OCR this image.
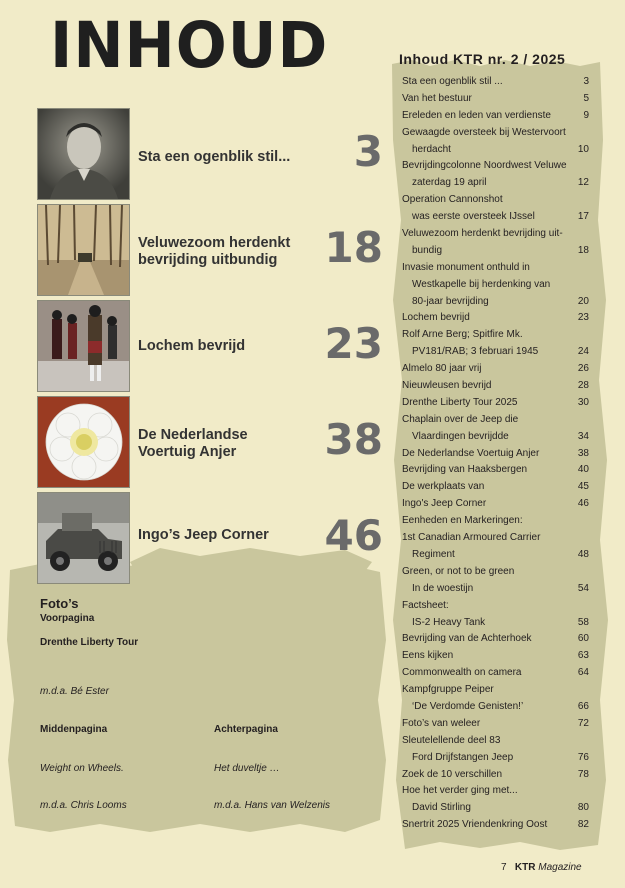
INHOUD
Sta een ogenblik stil... 3
Veluwezoom herdenkt
bevrijding uitbundig	18
Lochem bevrijd 23
De Nederlandse
Voertuig Anjer 38
Ingo’s Jeep Corner 46
Foto’s
Voorpagina
Drenthe Liberty Tour
m.d.a. Bé Ester
Middenpagina
Weight on Wheels.
m.d.a. Chris Looms
Achterpagina
Het duveltje …
m.d.a. Hans van Welzenis
Inhoud KTR nr. 2 / 2025
Sta een ogenblik stil ...	3
Van het bestuur	5
Ereleden en leden van verdienste	9
Gewaagde oversteek bij Westervoort
herdacht	10
Bevrijdingcolonne Noordwest Veluwe
zaterdag 19 april	12
Operation Cannonshot
was eerste oversteek IJssel	17
Veluwezoom herdenkt bevrijding uit-
bundig	18
Invasie monument onthuld in
Westkapelle bij herdenking van
80-jaar bevrijding	20
Lochem bevrijd	23
Rolf Arne Berg; Spitfire Mk.
PV181/RAB; 3 februari 1945	24
Almelo 80 jaar vrij	26
Nieuwleusen bevrijd	28
Drenthe Liberty Tour 2025	30
Chaplain over de Jeep die
Vlaardingen bevrijdde	34
De Nederlandse Voertuig Anjer	38
Bevrijding van Haaksbergen	40
De werkplaats van	45
Ingo's Jeep Corner	46
Eenheden en Markeringen:
1st Canadian Armoured Carrier
Regiment	48
Green, or not to be green
In de woestijn	54
Factsheet:
IS-2 Heavy Tank	58
Bevrijding van de Achterhoek	60
Eens kijken	63
Commonwealth on camera	64
Kampfgruppe Peiper
‘De Verdomde Genisten!’	66
Foto’s van weleer	72
Sleutelellende deel 83
Ford Drijfstangen Jeep	76
Zoek de 10 verschillen	78
Hoe het verder ging met...
David Stirling	80
Snertrit 2025 Vriendenkring Oost	82
7 KTR Magazine
